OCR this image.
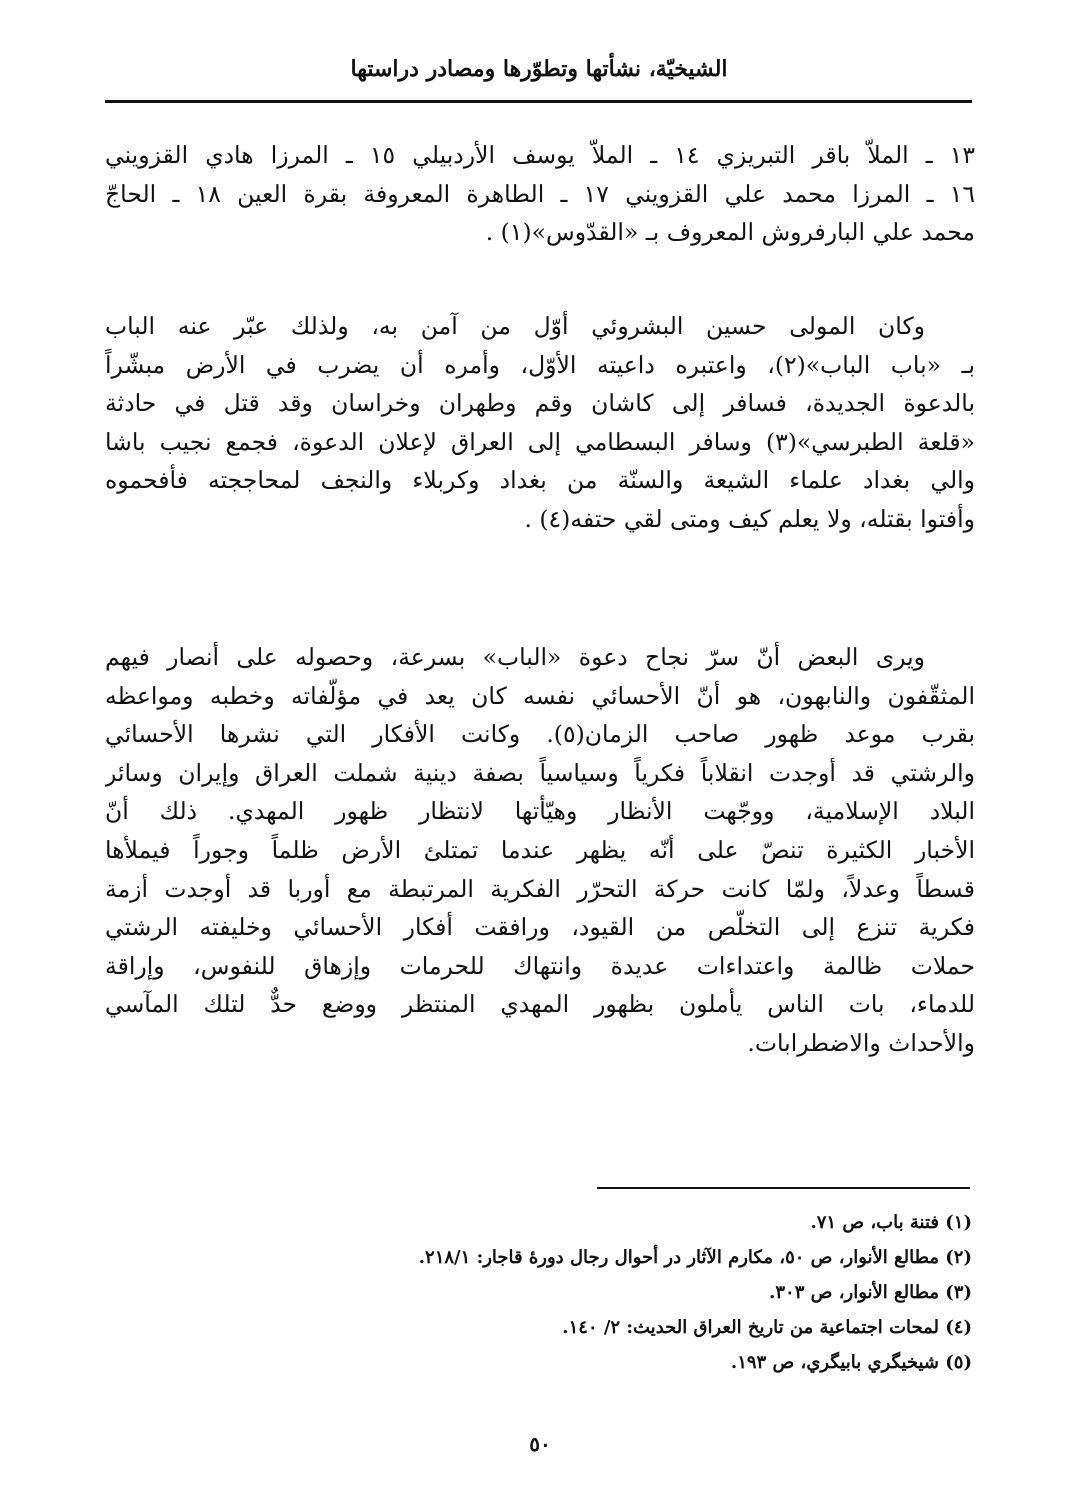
الشيخيّة، نشأتها وتطوّرها ومصادر دراستها
١٣ ـ الملاّ باقر التبريزي ١٤ ـ الملاّ يوسف الأردبيلي ١٥ ـ المرزا هادي القزويني
١٦ ـ المرزا محمد علي القزويني ١٧ ـ الطاهرة المعروفة بقرة العين ١٨ ـ الحاجّ
محمد علي البارفروش المعروف بـ «القدّوس»(١) .
وكان المولى حسين البشروئي أوّل من آمن به، ولذلك عبّر عنه الباب
بـ «باب الباب»(٢)، واعتبره داعيته الأوّل، وأمره أن يضرب في الأرض مبشّراً
بالدعوة الجديدة، فسافر إلى كاشان وقم وطهران وخراسان وقد قتل في حادثة
«قلعة الطبرسي»(٣) وسافر البسطامي إلى العراق لإعلان الدعوة، فجمع نجيب باشا
والي بغداد علماء الشيعة والسنّة من بغداد وكربلاء والنجف لمحاججته فأفحموه
وأفتوا بقتله، ولا يعلم كيف ومتى لقي حتفه(٤) .
ويرى البعض أنّ سرّ نجاح دعوة «الباب» بسرعة، وحصوله على أنصار فيهم
المثقّفون والنابهون، هو أنّ الأحسائي نفسه كان يعد في مؤلّفاته وخطبه ومواعظه
بقرب موعد ظهور صاحب الزمان(٥). وكانت الأفكار التي نشرها الأحسائي
والرشتي قد أوجدت انقلاباً فكرياً وسياسياً بصفة دينية شملت العراق وإيران وسائر
البلاد الإسلامية، ووجّهت الأنظار وهيّأتها لانتظار ظهور المهدي. ذلك أنّ
الأخبار الكثيرة تنصّ على أنّه يظهر عندما تمتلئ الأرض ظلماً وجوراً فيملأها
قسطاً وعدلاً، ولمّا كانت حركة التحرّر الفكرية المرتبطة مع أوربا قد أوجدت أزمة
فكرية تنزع إلى التخلّص من القيود، ورافقت أفكار الأحسائي وخليفته الرشتي
حملات ظالمة واعتداءات عديدة وانتهاك للحرمات وإزهاق للنفوس، وإراقة
للدماء، بات الناس يأملون بظهور المهدي المنتظر ووضع حدٌّ لتلك المآسي
والأحداث والاضطرابات.
(١) فتنة باب، ص ٧١.
(٢) مطالع الأنوار، ص ٥٠، مكارم الآثار در أحوال رجال دورهٔ قاجار: ٢١٨/١.
(٣) مطالع الأنوار، ص ٣٠٣.
(٤) لمحات اجتماعية من تاريخ العراق الحديث: ٢/ ١٤٠.
(٥) شيخيگري بابيگري، ص ١٩٣.
٥٠
